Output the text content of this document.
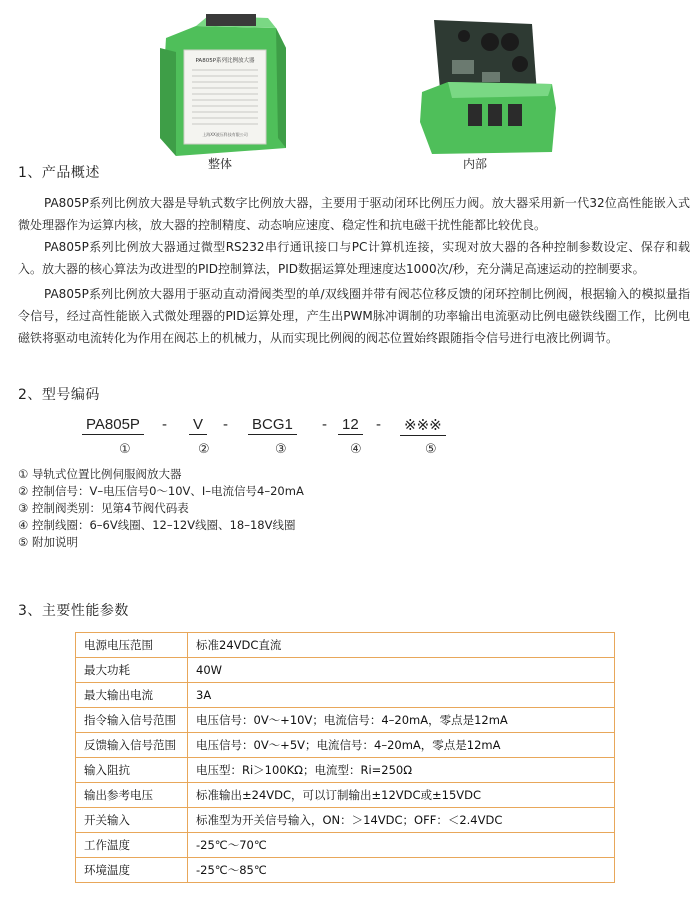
PA805P系列比例放大器
上海XX液压科技有限公司
整体	内部
1、产品概述
PA805P系列比例放大器是导轨式数字比例放大器，主要用于驱动闭环比例压力阀。放大器采用新一代32位高性能嵌入式微处理器作为运算内核，放大器的控制精度、动态响应速度、稳定性和抗电磁干扰性能都比较优良。
PA805P系列比例放大器通过微型RS232串行通讯接口与PC计算机连接，实现对放大器的各种控制参数设定、保存和载入。放大器的核心算法为改进型的PID控制算法，PID数据运算处理速度达1000次/秒，充分满足高速运动的控制要求。
PA805P系列比例放大器用于驱动直动滑阀类型的单/双线圈并带有阀芯位移反馈的闭环控制比例阀，根据输入的模拟量指令信号，经过高性能嵌入式微处理器的PID运算处理，产生出PWM脉冲调制的功率输出电流驱动比例电磁铁线圈工作，比例电磁铁将驱动电流转化为作用在阀芯上的机械力，从而实现比例阀的阀芯位置始终跟随指令信号进行电液比例调节。
2、型号编码
PA805P - V - BCG1 - 12 - ※※※
①	②	③	④	⑤
① 导轨式位置比例伺服阀放大器
② 控制信号：V–电压信号0～10V、I–电流信号4–20mA
③ 控制阀类别：见第4节阀代码表
④ 控制线圈：6–6V线圈、12–12V线圈、18–18V线圈
⑤ 附加说明
3、主要性能参数
电源电压范围	标准24VDC直流
最大功耗	40W
最大输出电流	3A
指令输入信号范围	电压信号：0V～+10V；电流信号：4–20mA，零点是12mA
反馈输入信号范围	电压信号：0V～+5V；电流信号：4–20mA，零点是12mA
输入阻抗	电压型：Ri＞100KΩ；电流型：Ri=250Ω
输出参考电压	标准输出±24VDC，可以订制输出±12VDC或±15VDC
开关输入	标准型为开关信号输入，ON：＞14VDC；OFF：＜2.4VDC
工作温度	-25℃～70℃
环境温度	-25℃～85℃
